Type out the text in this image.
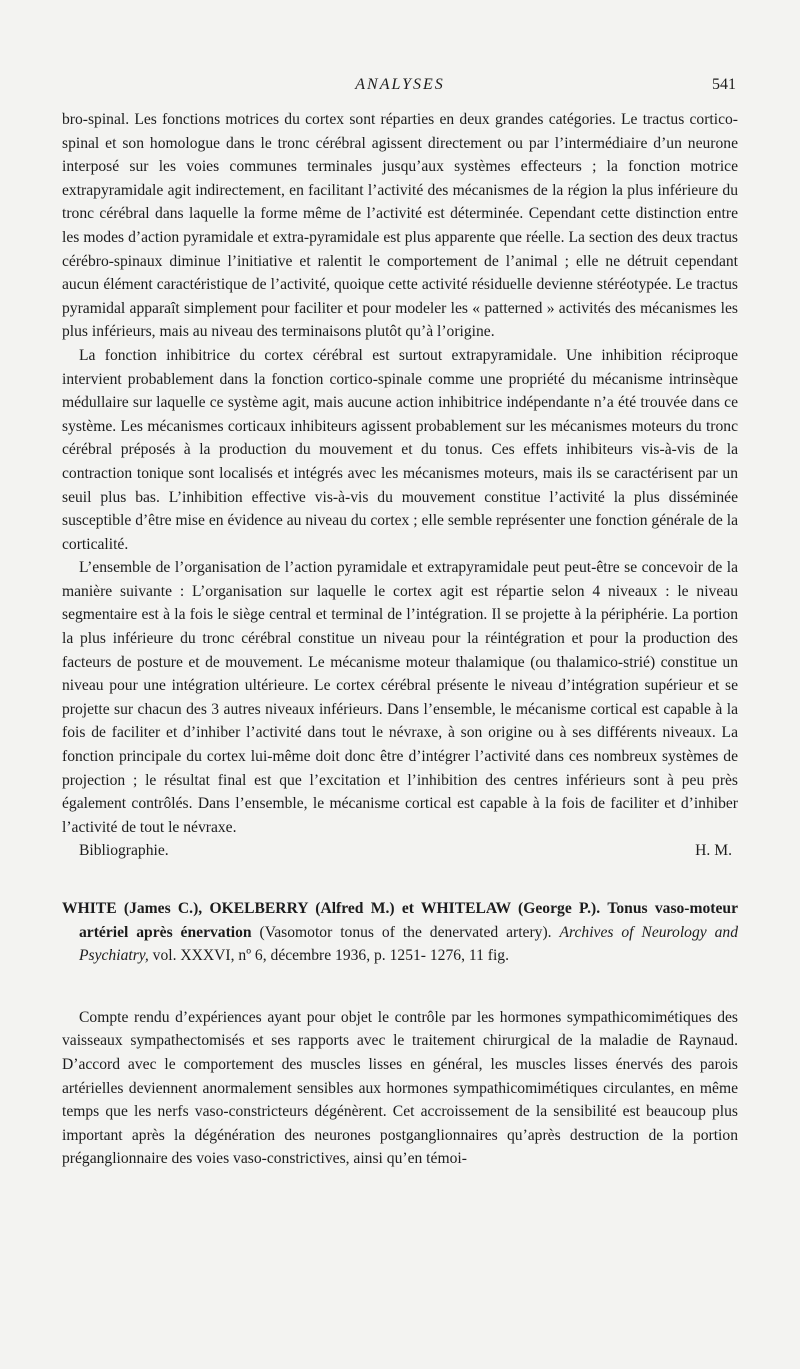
ANALYSES	541

bro-spinal. Les fonctions motrices du cortex sont réparties en deux grandes catégories. Le tractus cortico-spinal et son homologue dans le tronc cérébral agissent directement ou par l’intermédiaire d’un neurone interposé sur les voies communes terminales jusqu’aux systèmes effecteurs ; la fonction motrice extrapyramidale agit indirectement, en facilitant l’activité des mécanismes de la région la plus inférieure du tronc cérébral dans laquelle la forme même de l’activité est déterminée. Cependant cette distinction entre les modes d’action pyramidale et extra-pyramidale est plus apparente que réelle. La section des deux tractus cérébro-spinaux diminue l’initiative et ralentit le comportement de l’animal ; elle ne détruit cependant aucun élément caractéristique de l’activité, quoique cette activité résiduelle devienne stéréotypée. Le tractus pyramidal apparaît simplement pour faciliter et pour modeler les « patterned » activités des mécanismes les plus inférieurs, mais au niveau des terminaisons plutôt qu’à l’origine.

La fonction inhibitrice du cortex cérébral est surtout extrapyramidale. Une inhibition réciproque intervient probablement dans la fonction cortico-spinale comme une propriété du mécanisme intrinsèque médullaire sur laquelle ce système agit, mais aucune action inhibitrice indépendante n’a été trouvée dans ce système. Les mécanismes corticaux inhibiteurs agissent probablement sur les mécanismes moteurs du tronc cérébral préposés à la production du mouvement et du tonus. Ces effets inhibiteurs vis-à-vis de la contraction tonique sont localisés et intégrés avec les mécanismes moteurs, mais ils se caractérisent par un seuil plus bas. L’inhibition effective vis-à-vis du mouvement constitue l’activité la plus disséminée susceptible d’être mise en évidence au niveau du cortex ; elle semble représenter une fonction générale de la corticalité.

L’ensemble de l’organisation de l’action pyramidale et extrapyramidale peut peut-être se concevoir de la manière suivante : L’organisation sur laquelle le cortex agit est répartie selon 4 niveaux : le niveau segmentaire est à la fois le siège central et terminal de l’intégration. Il se projette à la périphérie. La portion la plus inférieure du tronc cérébral constitue un niveau pour la réintégration et pour la production des facteurs de posture et de mouvement. Le mécanisme moteur thalamique (ou thalamico-strié) constitue un niveau pour une intégration ultérieure. Le cortex cérébral présente le niveau d’intégration supérieur et se projette sur chacun des 3 autres niveaux inférieurs. Dans l’ensemble, le mécanisme cortical est capable à la fois de faciliter et d’inhiber l’activité dans tout le névraxe, à son origine ou à ses différents niveaux. La fonction principale du cortex lui-même doit donc être d’intégrer l’activité dans ces nombreux systèmes de projection ; le résultat final est que l’excitation et l’inhibition des centres inférieurs sont à peu près également contrôlés. Dans l’ensemble, le mécanisme cortical est capable à la fois de faciliter et d’inhiber l’activité de tout le névraxe.

Bibliographie.	H. M.

WHITE (James C.), OKELBERRY (Alfred M.) et WHITELAW (George P.). Tonus vaso-moteur artériel après énervation (Vasomotor tonus of the denervated artery). Archives of Neurology and Psychiatry, vol. XXXVI, nº 6, décembre 1936, p. 1251- 1276, 11 fig.

Compte rendu d’expériences ayant pour objet le contrôle par les hormones sympathicomimétiques des vaisseaux sympathectomisés et ses rapports avec le traitement chirurgical de la maladie de Raynaud. D’accord avec le comportement des muscles lisses en général, les muscles lisses énervés des parois artérielles deviennent anormalement sensibles aux hormones sympathicomimétiques circulantes, en même temps que les nerfs vaso-constricteurs dégénèrent. Cet accroissement de la sensibilité est beaucoup plus important après la dégénération des neurones postganglionnaires qu’après destruction de la portion préganglionnaire des voies vaso-constrictives, ainsi qu’en témoi-
